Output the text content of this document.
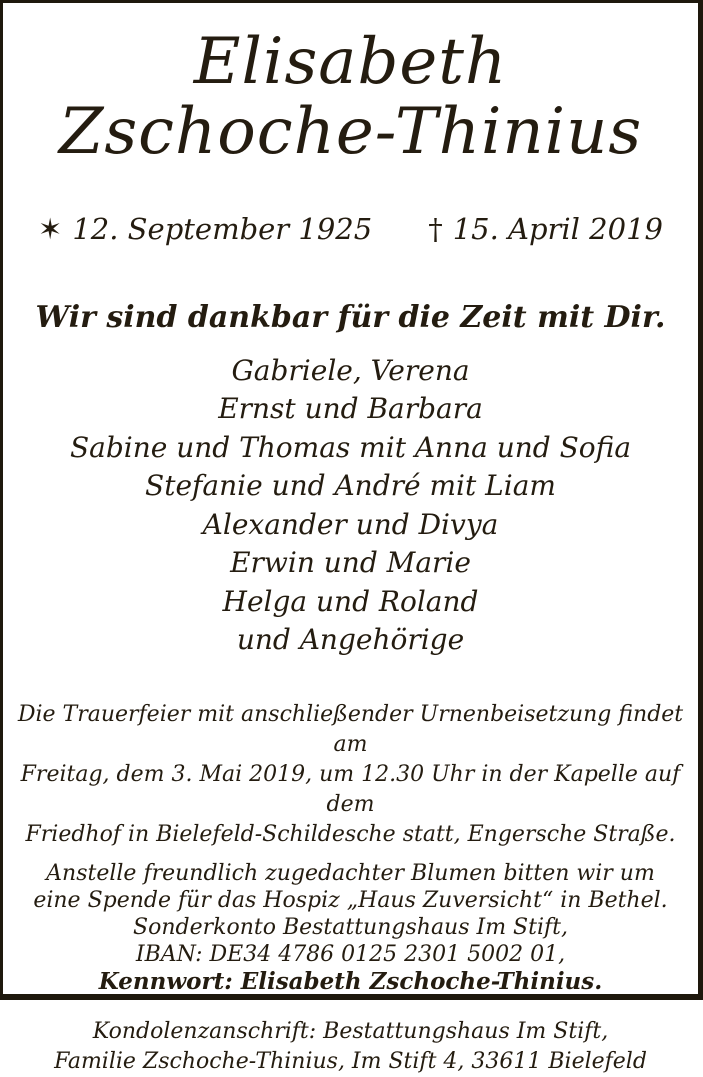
Elisabeth
Zschoche-Thinius
✶ 12. September 1925 † 15. April 2019
Wir sind dankbar für die Zeit mit Dir.
Gabriele, Verena
Ernst und Barbara
Sabine und Thomas mit Anna und Sofia
Stefanie und André mit Liam
Alexander und Divya
Erwin und Marie
Helga und Roland
und Angehörige
Die Trauerfeier mit anschließender Urnenbeisetzung findet am
Freitag, dem 3. Mai 2019, um 12.30 Uhr in der Kapelle auf dem
Friedhof in Bielefeld-Schildesche statt, Engersche Straße.
Anstelle freundlich zugedachter Blumen bitten wir um
eine Spende für das Hospiz „Haus Zuversicht“ in Bethel.
Sonderkonto Bestattungshaus Im Stift,
IBAN: DE34 4786 0125 2301 5002 01,
Kennwort: Elisabeth Zschoche-Thinius.
Kondolenzanschrift: Bestattungshaus Im Stift,
Familie Zschoche-Thinius, Im Stift 4, 33611 Bielefeld
